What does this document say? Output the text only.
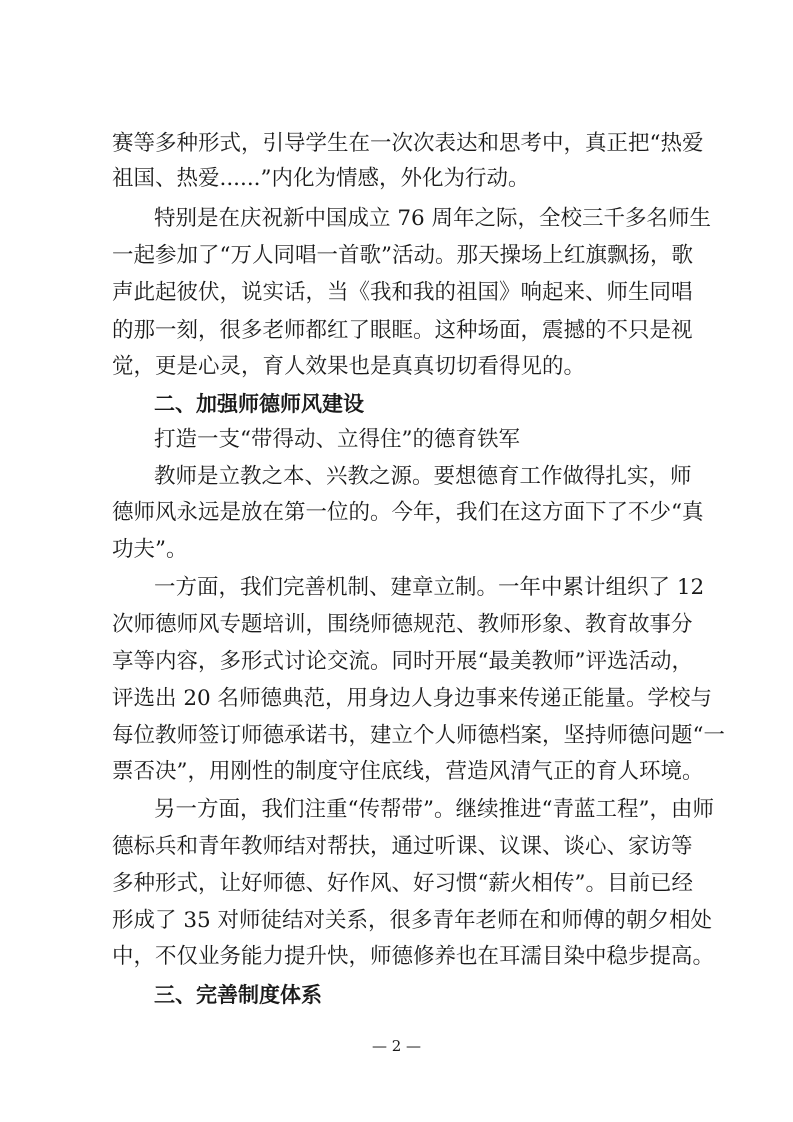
赛等多种形式，引导学生在一次次表达和思考中，真正把“热爱
祖国、热爱......”内化为情感，外化为行动。
特别是在庆祝新中国成立 76 周年之际，全校三千多名师生
一起参加了“万人同唱一首歌”活动。那天操场上红旗飘扬，歌
声此起彼伏，说实话，当《我和我的祖国》响起来、师生同唱
的那一刻，很多老师都红了眼眶。这种场面，震撼的不只是视
觉，更是心灵，育人效果也是真真切切看得见的。
二、加强师德师风建设
打造一支“带得动、立得住”的德育铁军
教师是立教之本、兴教之源。要想德育工作做得扎实，师
德师风永远是放在第一位的。今年，我们在这方面下了不少“真
功夫”。
一方面，我们完善机制、建章立制。一年中累计组织了 12
次师德师风专题培训，围绕师德规范、教师形象、教育故事分
享等内容，多形式讨论交流。同时开展“最美教师”评选活动，
评选出 20 名师德典范，用身边人身边事来传递正能量。学校与
每位教师签订师德承诺书，建立个人师德档案，坚持师德问题“一
票否决”，用刚性的制度守住底线，营造风清气正的育人环境。
另一方面，我们注重“传帮带”。继续推进“青蓝工程”，由师
德标兵和青年教师结对帮扶，通过听课、议课、谈心、家访等
多种形式，让好师德、好作风、好习惯“薪火相传”。目前已经
形成了 35 对师徒结对关系，很多青年老师在和师傅的朝夕相处
中，不仅业务能力提升快，师德修养也在耳濡目染中稳步提高。
三、完善制度体系
— 2 —
